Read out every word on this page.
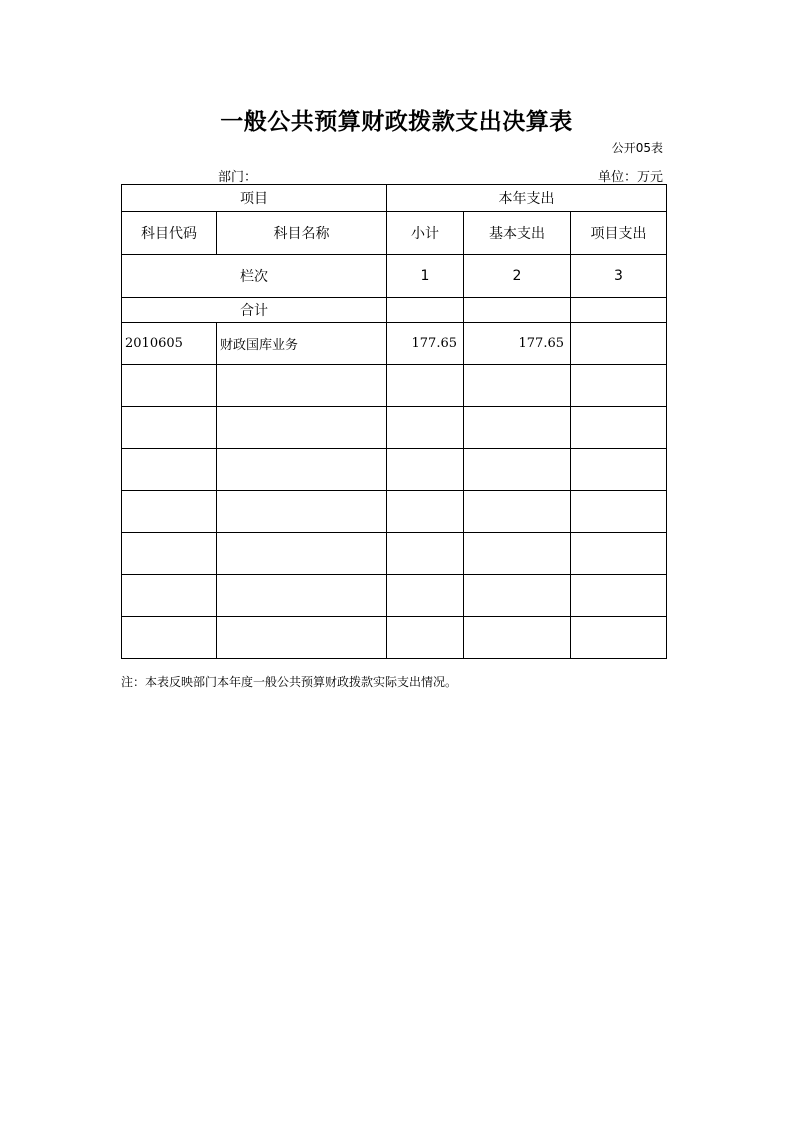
一般公共预算财政拨款支出决算表
公开05表
部门：	单位：万元
项目		本年支出		
科目代码	科目名称	小计	基本支出	项目支出
栏次		1	2	3
合计				
2010605	财政国库业务	177.65	177.65	

注：本表反映部门本年度一般公共预算财政拨款实际支出情况。
